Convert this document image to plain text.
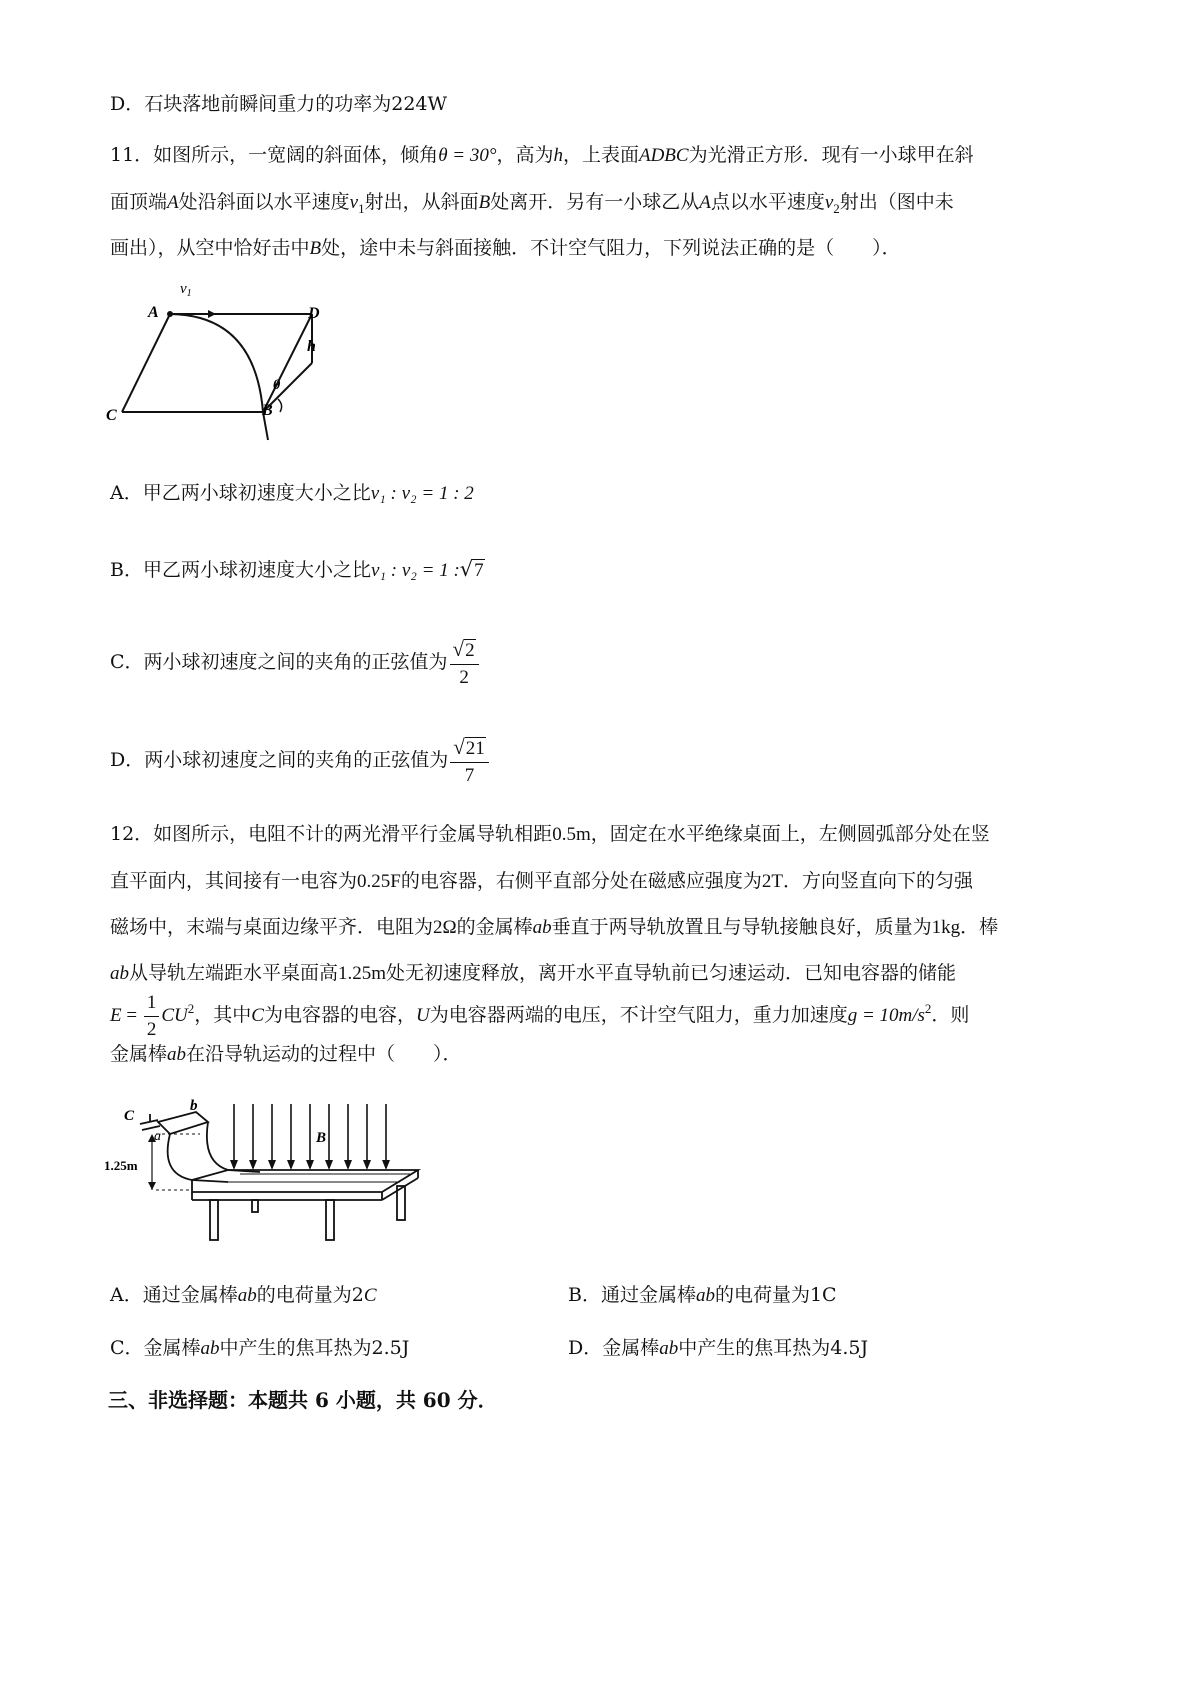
D．石块落地前瞬间重力的功率为224W
11．如图所示，一宽阔的斜面体，倾角θ = 30°，高为h，上表面ADBC为光滑正方形．现有一小球甲在斜
面顶端A处沿斜面以水平速度$v_1$射出，从斜面B处离开．另有一小球乙从A点以水平速度$v_2$射出（图中未
画出），从空中恰好击中B处，途中未与斜面接触．不计空气阻力，下列说法正确的是（　　）．
$v_1$
A	D
h
θ
C	B
A．甲乙两小球初速度大小之比v₁ : v₂ = 1 : 2
B．甲乙两小球初速度大小之比v₁ : v₂ = 1 :√7
C．两小球初速度之间的夹角的正弦值为 $\frac{√2}{2}$
D．两小球初速度之间的夹角的正弦值为 $\frac{√21}{7}$
12．如图所示，电阻不计的两光滑平行金属导轨相距0.5m，固定在水平绝缘桌面上，左侧圆弧部分处在竖
直平面内，其间接有一电容为0.25F的电容器，右侧平直部分处在磁感应强度为2T．方向竖直向下的匀强
磁场中，末端与桌面边缘平齐．电阻为2Ω的金属棒ab垂直于两导轨放置且与导轨接触良好，质量为1kg．棒
ab从导轨左端距水平桌面高1.25m处无初速度释放，离开水平直导轨前已匀速运动．已知电容器的储能
$E = \frac{1}{2} CU^2$，其中C为电容器的电容，U为电容器两端的电压，不计空气阻力，重力加速度$g = 10m/s^2$．则
金属棒ab在沿导轨运动的过程中（　　）．
C
a
b
B
1.25m
A．通过金属棒ab的电荷量为2C	B．通过金属棒ab的电荷量为1C
C．金属棒ab中产生的焦耳热为2.5J	D．金属棒ab中产生的焦耳热为4.5J
三、非选择题：本题共 6 小题，共 60 分．
